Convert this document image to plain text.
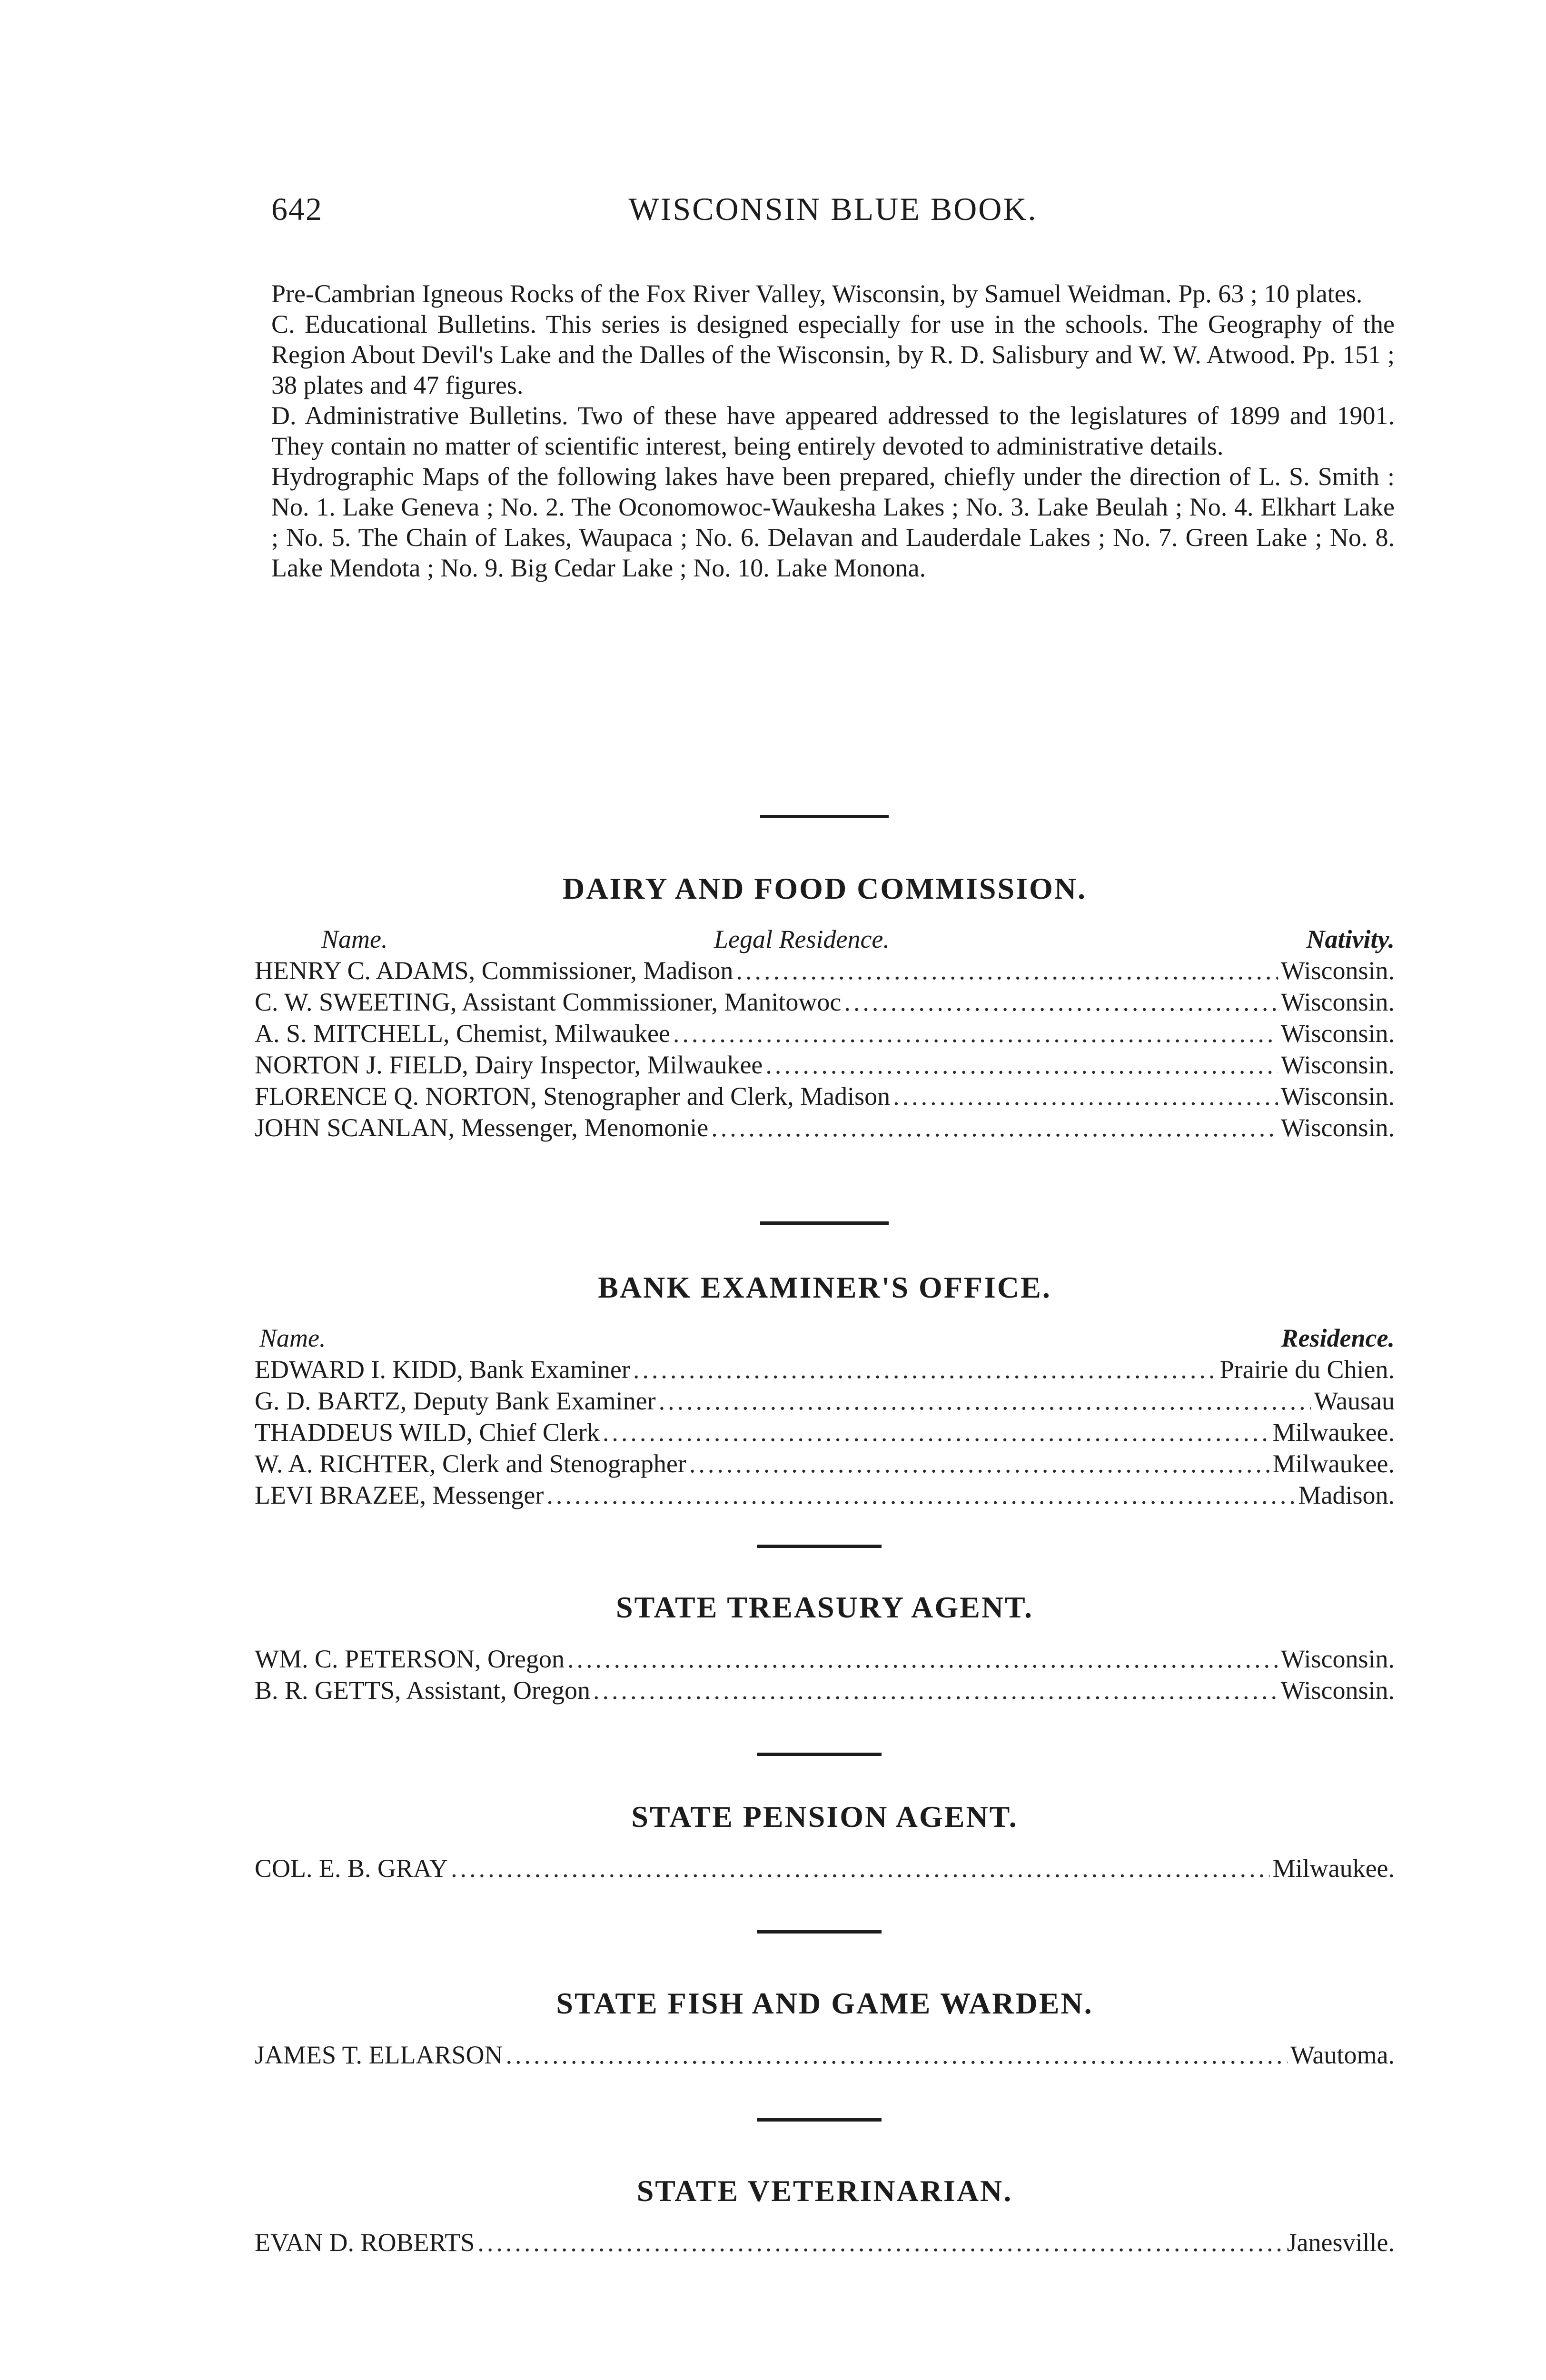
642	WISCONSIN BLUE BOOK.

Pre-Cambrian Igneous Rocks of the Fox River Valley, Wisconsin, by Samuel Weidman. Pp. 63 ; 10 plates.

C. Educational Bulletins. This series is designed especially for use in the schools. The Geography of the Region About Devil's Lake and the Dalles of the Wisconsin, by R. D. Salisbury and W. W. Atwood. Pp. 151 ; 38 plates and 47 figures.

D. Administrative Bulletins. Two of these have appeared addressed to the legislatures of 1899 and 1901. They contain no matter of scientific interest, being entirely devoted to administrative details.

Hydrographic Maps of the following lakes have been prepared, chiefly under the direction of L. S. Smith : No. 1. Lake Geneva ; No. 2. The Oconomowoc-Waukesha Lakes ; No. 3. Lake Beulah ; No. 4. Elkhart Lake ; No. 5. The Chain of Lakes, Waupaca ; No. 6. Delavan and Lauderdale Lakes ; No. 7. Green Lake ; No. 8. Lake Mendota ; No. 9. Big Cedar Lake ; No. 10. Lake Monona.

DAIRY AND FOOD COMMISSION.
Name.	Legal Residence.	Nativity.
HENRY C. ADAMS, Commissioner, Madison .....	Wisconsin.
C. W. SWEETING, Assistant Commissioner, Manitowoc .....	Wisconsin.
A. S. MITCHELL, Chemist, Milwaukee .....	Wisconsin.
NORTON J. FIELD, Dairy Inspector, Milwaukee .....	Wisconsin.
FLORENCE Q. NORTON, Stenographer and Clerk, Madison .....	Wisconsin.
JOHN SCANLAN, Messenger, Menomonie .....	Wisconsin.
BANK EXAMINER'S OFFICE.
Name.	Residence.
EDWARD I. KIDD, Bank Examiner .....	Prairie du Chien.
G. D. BARTZ, Deputy Bank Examiner .....	Wausau
THADDEUS WILD, Chief Clerk .....	Milwaukee.
W. A. RICHTER, Clerk and Stenographer .....	Milwaukee.
LEVI BRAZEE, Messenger .....	Madison.
STATE TREASURY AGENT.
WM. C. PETERSON, Oregon .....	Wisconsin.
B. R. GETTS, Assistant, Oregon .....	Wisconsin.
STATE PENSION AGENT.
COL. E. B. GRAY .....	Milwaukee.
STATE FISH AND GAME WARDEN.
JAMES T. ELLARSON .....	Wautoma.
STATE VETERINARIAN.
EVAN D. ROBERTS .....	Janesville.
